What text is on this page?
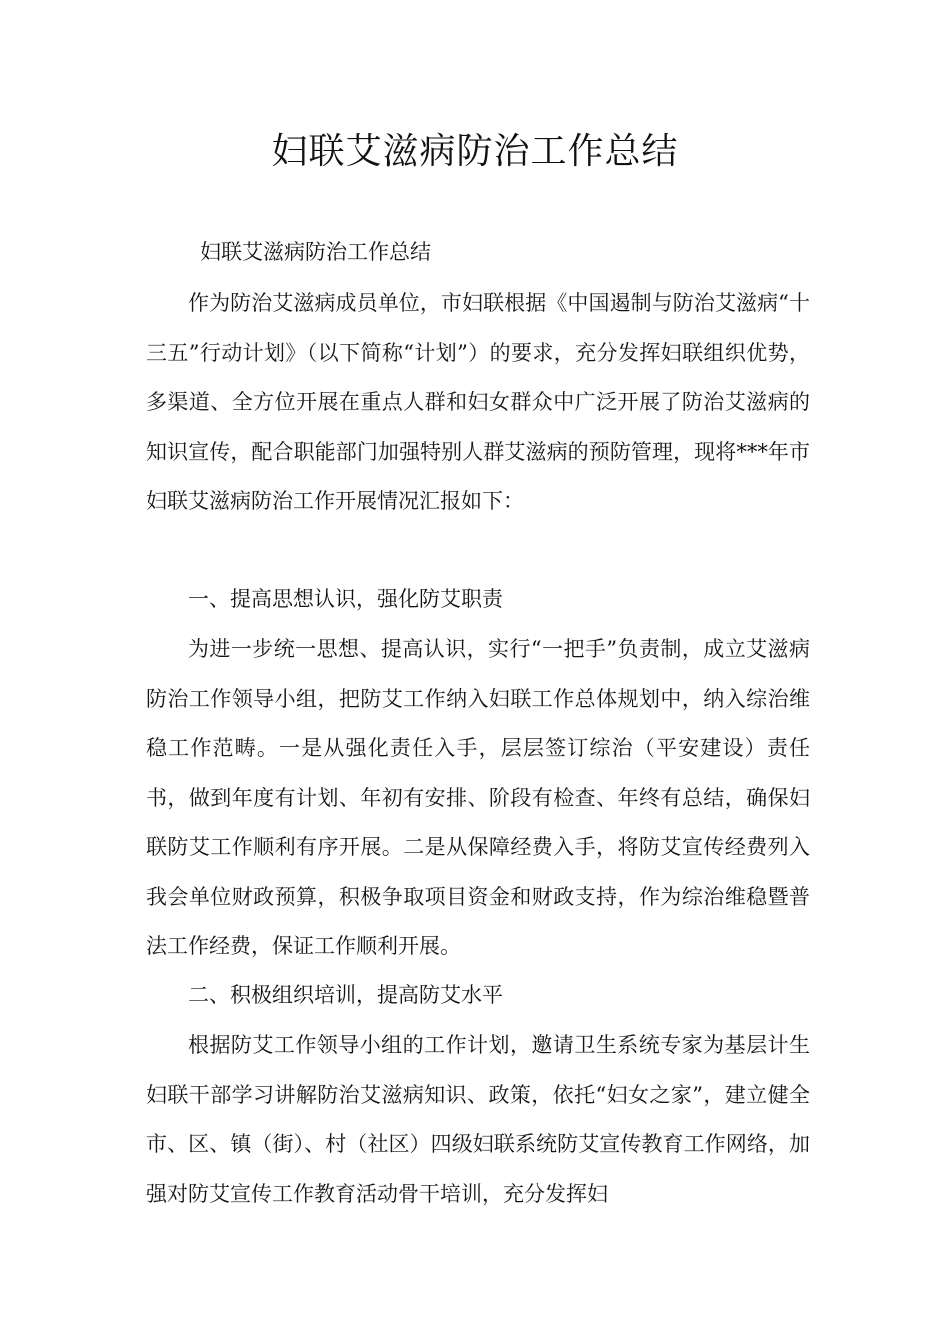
妇联艾滋病防治工作总结

妇联艾滋病防治工作总结

作为防治艾滋病成员单位，市妇联根据《中国遏制与防治艾滋病“十三五”行动计划》（以下简称“计划”）的要求，充分发挥妇联组织优势，多渠道、全方位开展在重点人群和妇女群众中广泛开展了防治艾滋病的知识宣传，配合职能部门加强特别人群艾滋病的预防管理，现将***年市妇联艾滋病防治工作开展情况汇报如下：

一、提高思想认识，强化防艾职责

为进一步统一思想、提高认识，实行“一把手”负责制，成立艾滋病防治工作领导小组，把防艾工作纳入妇联工作总体规划中，纳入综治维稳工作范畴。一是从强化责任入手，层层签订综治（平安建设）责任书，做到年度有计划、年初有安排、阶段有检查、年终有总结，确保妇联防艾工作顺利有序开展。二是从保障经费入手，将防艾宣传经费列入我会单位财政预算，积极争取项目资金和财政支持，作为综治维稳暨普法工作经费，保证工作顺利开展。

二、积极组织培训，提高防艾水平

根据防艾工作领导小组的工作计划，邀请卫生系统专家为基层计生妇联干部学习讲解防治艾滋病知识、政策，依托“妇女之家”，建立健全市、区、镇（街）、村（社区）四级妇联系统防艾宣传教育工作网络，加强对防艾宣传工作教育活动骨干培训，充分发挥妇
